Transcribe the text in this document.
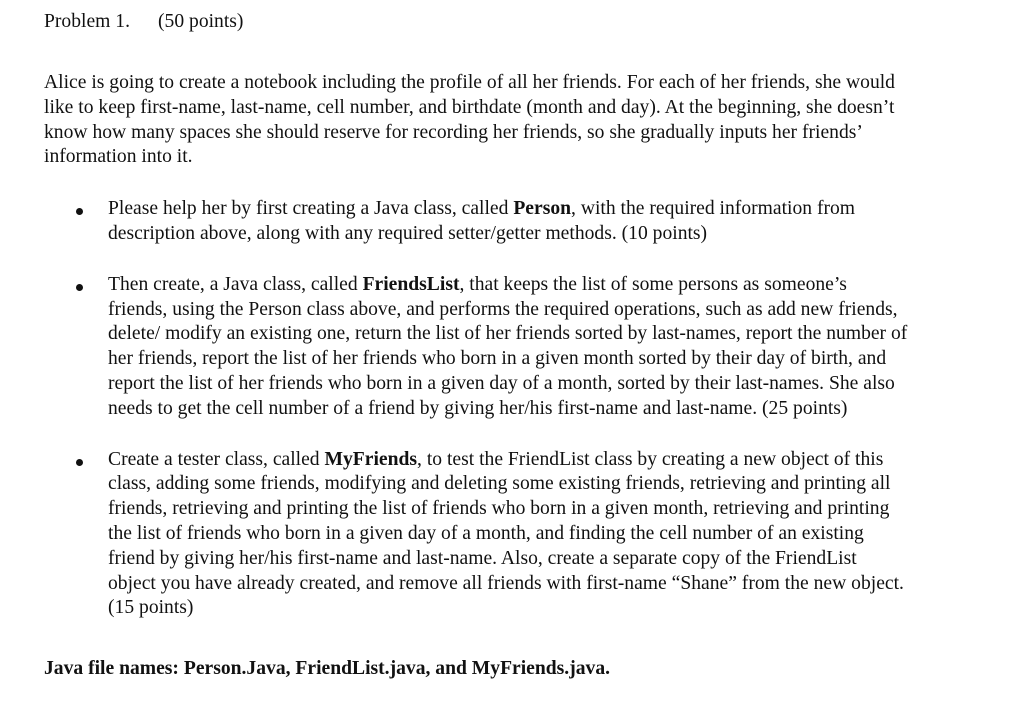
Problem 1. (50 points)
Alice is going to create a notebook including the profile of all her friends. For each of her friends, she would
like to keep first-name, last-name, cell number, and birthdate (month and day). At the beginning, she doesn’t
know how many spaces she should reserve for recording her friends, so she gradually inputs her friends’
information into it.
Please help her by first creating a Java class, called Person, with the required information from
description above, along with any required setter/getter methods. (10 points)
Then create, a Java class, called FriendsList, that keeps the list of some persons as someone’s
friends, using the Person class above, and performs the required operations, such as add new friends,
delete/ modify an existing one, return the list of her friends sorted by last-names, report the number of
her friends, report the list of her friends who born in a given month sorted by their day of birth, and
report the list of her friends who born in a given day of a month, sorted by their last-names. She also
needs to get the cell number of a friend by giving her/his first-name and last-name. (25 points)
Create a tester class, called MyFriends, to test the FriendList class by creating a new object of this
class, adding some friends, modifying and deleting some existing friends, retrieving and printing all
friends, retrieving and printing the list of friends who born in a given month, retrieving and printing
the list of friends who born in a given day of a month, and finding the cell number of an existing
friend by giving her/his first-name and last-name. Also, create a separate copy of the FriendList
object you have already created, and remove all friends with first-name “Shane” from the new object.
(15 points)
Java file names: Person.Java, FriendList.java, and MyFriends.java.
